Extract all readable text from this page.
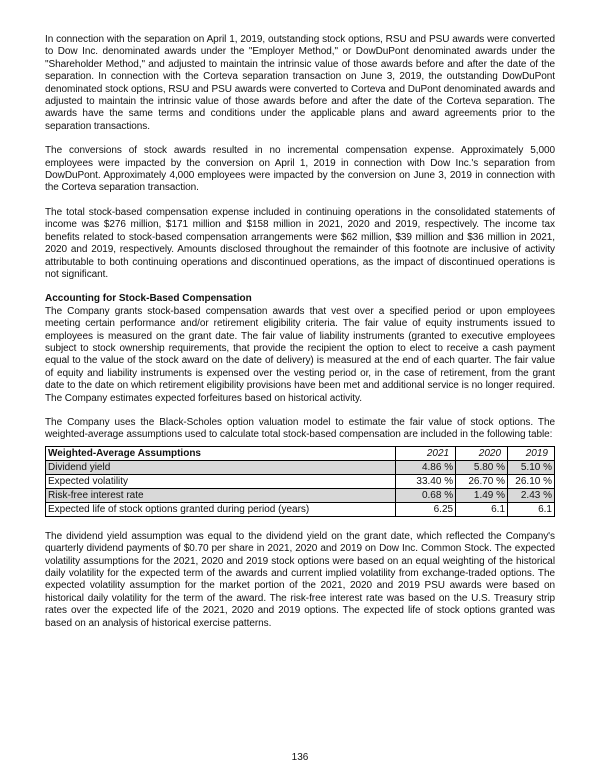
In connection with the separation on April 1, 2019, outstanding stock options, RSU and PSU awards were converted to Dow Inc. denominated awards under the "Employer Method," or DowDuPont denominated awards under the "Shareholder Method," and adjusted to maintain the intrinsic value of those awards before and after the date of the separation. In connection with the Corteva separation transaction on June 3, 2019, the outstanding DowDuPont denominated stock options, RSU and PSU awards were converted to Corteva and DuPont denominated awards and adjusted to maintain the intrinsic value of those awards before and after the date of the Corteva separation. The awards have the same terms and conditions under the applicable plans and award agreements prior to the separation transactions.

The conversions of stock awards resulted in no incremental compensation expense. Approximately 5,000 employees were impacted by the conversion on April 1, 2019 in connection with Dow Inc.'s separation from DowDuPont. Approximately 4,000 employees were impacted by the conversion on June 3, 2019 in connection with the Corteva separation transaction.

The total stock-based compensation expense included in continuing operations in the consolidated statements of income was $276 million, $171 million and $158 million in 2021, 2020 and 2019, respectively. The income tax benefits related to stock-based compensation arrangements were $62 million, $39 million and $36 million in 2021, 2020 and 2019, respectively. Amounts disclosed throughout the remainder of this footnote are inclusive of activity attributable to both continuing operations and discontinued operations, as the impact of discontinued operations is not significant.

Accounting for Stock-Based Compensation

The Company grants stock-based compensation awards that vest over a specified period or upon employees meeting certain performance and/or retirement eligibility criteria. The fair value of equity instruments issued to employees is measured on the grant date. The fair value of liability instruments (granted to executive employees subject to stock ownership requirements, that provide the recipient the option to elect to receive a cash payment equal to the value of the stock award on the date of delivery) is measured at the end of each quarter. The fair value of equity and liability instruments is expensed over the vesting period or, in the case of retirement, from the grant date to the date on which retirement eligibility provisions have been met and additional service is no longer required. The Company estimates expected forfeitures based on historical activity.

The Company uses the Black-Scholes option valuation model to estimate the fair value of stock options. The weighted-average assumptions used to calculate total stock-based compensation are included in the following table:

Weighted-Average Assumptions	2021	2020	2019
Dividend yield	4.86 %	5.80 %	5.10 %
Expected volatility	33.40 %	26.70 %	26.10 %
Risk-free interest rate	0.68 %	1.49 %	2.43 %
Expected life of stock options granted during period (years)	6.25	6.1	6.1

The dividend yield assumption was equal to the dividend yield on the grant date, which reflected the Company's quarterly dividend payments of $0.70 per share in 2021, 2020 and 2019 on Dow Inc. Common Stock. The expected volatility assumptions for the 2021, 2020 and 2019 stock options were based on an equal weighting of the historical daily volatility for the expected term of the awards and current implied volatility from exchange-traded options. The expected volatility assumption for the market portion of the 2021, 2020 and 2019 PSU awards were based on historical daily volatility for the term of the award. The risk-free interest rate was based on the U.S. Treasury strip rates over the expected life of the 2021, 2020 and 2019 options. The expected life of stock options granted was based on an analysis of historical exercise patterns.

136
